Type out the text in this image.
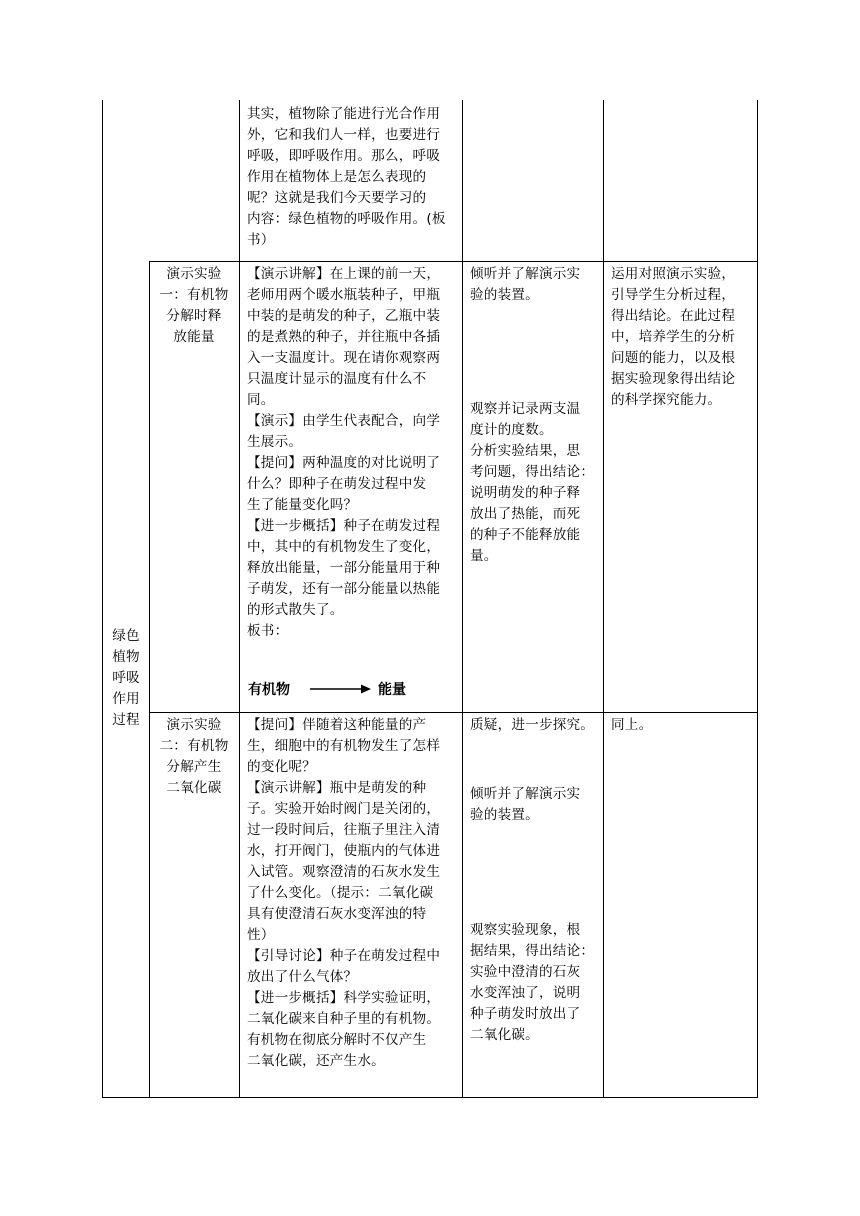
其实，植物除了能进行光合作用
外，它和我们人一样，也要进行
呼吸，即呼吸作用。那么，呼吸
作用在植物体上是怎么表现的
呢？这就是我们今天要学习的
内容：绿色植物的呼吸作用。(板
书）
绿色
植物
呼吸
作用
过程
演示实验
一：有机物
分解时释
放能量
【演示讲解】在上课的前一天，
老师用两个暖水瓶装种子，甲瓶
中装的是萌发的种子，乙瓶中装
的是煮熟的种子，并往瓶中各插
入一支温度计。现在请你观察两
只温度计显示的温度有什么不
同。
【演示】由学生代表配合，向学
生展示。
【提问】两种温度的对比说明了
什么？即种子在萌发过程中发
生了能量变化吗？
【进一步概括】种子在萌发过程
中，其中的有机物发生了变化，
释放出能量，一部分能量用于种
子萌发，还有一部分能量以热能
的形式散失了。
板书：
有机物	能量
倾听并了解演示实
验的装置。
观察并记录两支温
度计的度数。
分析实验结果，思
考问题，得出结论：
说明萌发的种子释
放出了热能，而死
的种子不能释放能
量。
运用对照演示实验，
引导学生分析过程，
得出结论。在此过程
中，培养学生的分析
问题的能力，以及根
据实验现象得出结论
的科学探究能力。
演示实验
二：有机物
分解产生
二氧化碳
【提问】伴随着这种能量的产
生，细胞中的有机物发生了怎样
的变化呢？
【演示讲解】瓶中是萌发的种
子。实验开始时阀门是关闭的，
过一段时间后，往瓶子里注入清
水，打开阀门，使瓶内的气体进
入试管。观察澄清的石灰水发生
了什么变化。（提示：二氧化碳
具有使澄清石灰水变浑浊的特
性）
【引导讨论】种子在萌发过程中
放出了什么气体？
【进一步概括】科学实验证明，
二氧化碳来自种子里的有机物。
有机物在彻底分解时不仅产生
二氧化碳，还产生水。
质疑，进一步探究。
倾听并了解演示实
验的装置。
观察实验现象，根
据结果，得出结论：
实验中澄清的石灰
水变浑浊了，说明
种子萌发时放出了
二氧化碳。
同上。
